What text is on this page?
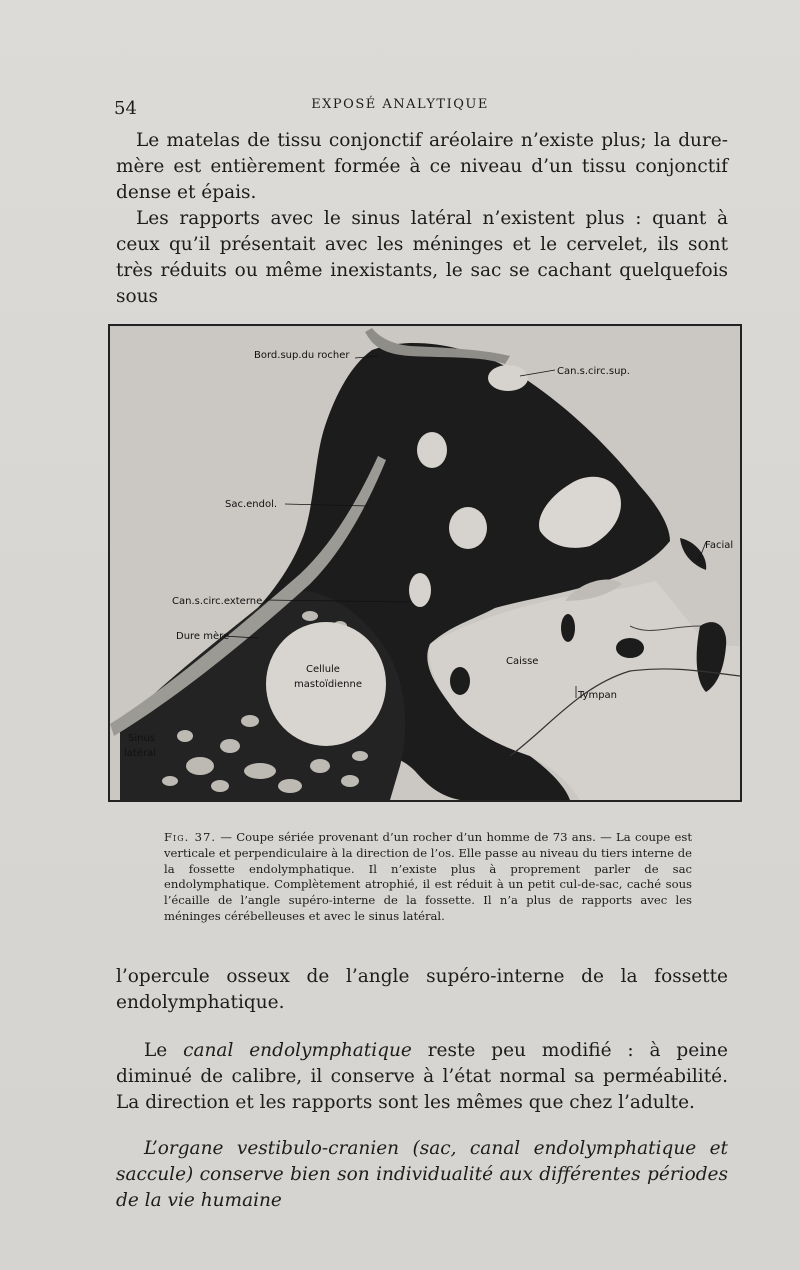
54	EXPOSÉ ANALYTIQUE

Le matelas de tissu conjonctif aréolaire n’existe plus; la dure-mère est entièrement formée à ce niveau d’un tissu conjonctif dense et épais.

Les rapports avec le sinus latéral n’existent plus : quant à ceux qu’il présentait avec les méninges et le cervelet, ils sont très réduits ou même inexistants, le sac se cachant quelquefois sous

Bord.sup.du rocher
Can.s.circ.sup.
Sac.endol.
Facial
Can.s.circ.externe
Dure mère
Cellule
mastoïdienne
Caisse
Tympan
Sinus
latéral
Fig. 37. — Coupe sériée provenant d’un rocher d’un homme de 73 ans. — La coupe est verticale et perpendiculaire à la direction de l’os. Elle passe au niveau du tiers interne de la fossette endolymphatique. Il n’existe plus à proprement parler de sac endolymphatique. Complètement atrophié, il est réduit à un petit cul-de-sac, caché sous l’écaille de l’angle supéro-interne de la fossette. Il n’a plus de rapports avec les méninges cérébelleuses et avec le sinus latéral.

l’opercule osseux de l’angle supéro-interne de la fossette endolymphatique.

Le canal endolymphatique reste peu modifié : à peine diminué de calibre, il conserve à l’état normal sa perméabilité. La direction et les rapports sont les mêmes que chez l’adulte.

L’organe vestibulo-cranien (sac, canal endolymphatique et saccule) conserve bien son individualité aux différentes périodes de la vie humaine
